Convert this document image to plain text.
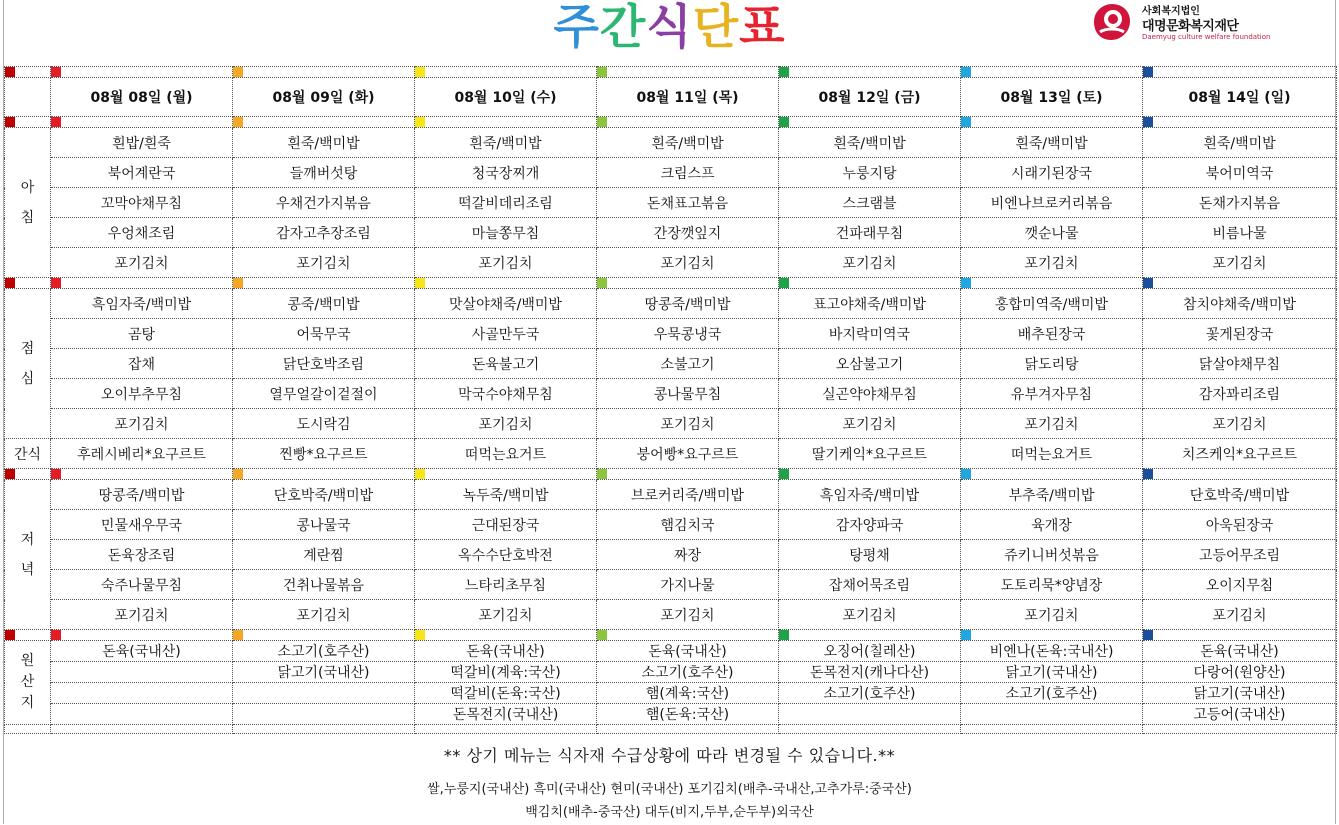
주간식단표	사회복지법인
대명문화복지재단
Daemyug culture welfare foundation

	08월 08일 (월)	08월 09일 (화)	08월 10일 (수)	08월 11일 (목)	08월 12일 (금)	08월 13일 (토)	08월 14일 (일)

아
침	흰밥/흰죽	흰죽/백미밥	흰죽/백미밥	흰죽/백미밥	흰죽/백미밥	흰죽/백미밥	흰죽/백미밥
	북어계란국	들깨버섯탕	청국장찌개	크림스프	누룽지탕	시래기된장국	북어미역국
	꼬막야채무침	우채건가지볶음	떡갈비데리조림	돈채표고볶음	스크램블	비엔나브로커리볶음	돈채가지볶음
	우엉채조림	감자고추장조림	마늘쫑무침	간장깻잎지	건파래무침	깻순나물	비름나물
	포기김치	포기김치	포기김치	포기김치	포기김치	포기김치	포기김치

점
심	흑임자죽/백미밥	콩죽/백미밥	맛살야채죽/백미밥	땅콩죽/백미밥	표고야채죽/백미밥	홍합미역죽/백미밥	참치야채죽/백미밥
	곰탕	어묵무국	사골만두국	우묵콩냉국	바지락미역국	배추된장국	꽃게된장국
	잡채	닭단호박조림	돈육불고기	소불고기	오삼불고기	닭도리탕	닭살야채무침
	오이부추무침	열무얼갈이겉절이	막국수야채무침	콩나물무침	실곤약야채무침	유부겨자무침	감자꽈리조림
	포기김치	도시락김	포기김치	포기김치	포기김치	포기김치	포기김치
간식	후레시베리*요구르트	찐빵*요구르트	떠먹는요거트	붕어빵*요구르트	딸기케익*요구르트	떠먹는요거트	치즈케익*요구르트

저
녁	땅콩죽/백미밥	단호박죽/백미밥	녹두죽/백미밥	브로커리죽/백미밥	흑임자죽/백미밥	부추죽/백미밥	단호박죽/백미밥
	민물새우무국	콩나물국	근대된장국	햄김치국	감자양파국	육개장	아욱된장국
	돈육장조림	계란찜	옥수수단호박전	짜장	탕평채	쥬키니버섯볶음	고등어무조림
	숙주나물무침	건취나물볶음	느타리초무침	가지나물	잡채어묵조림	도토리묵*양념장	오이지무침
	포기김치	포기김치	포기김치	포기김치	포기김치	포기김치	포기김치

원
산
지	돈육(국내산)	소고기(호주산)	돈육(국내산)	돈육(국내산)	오징어(칠레산)	비엔나(돈육:국내산)	돈육(국내산)
		닭고기(국내산)	떡갈비(계육:국산)	소고기(호주산)	돈목전지(캐나다산)	닭고기(국내산)	다랑어(원양산)
			떡갈비(돈육:국산)	햄(계육:국산)	소고기(호주산)	소고기(호주산)	닭고기(국내산)
			돈목전지(국내산)	햄(돈육:국산)			고등어(국내산)

** 상기 메뉴는 식자재 수급상황에 따라 변경될 수 있습니다.**
쌀,누룽지(국내산) 흑미(국내산) 현미(국내산) 포기김치(배추-국내산,고추가루:중국산)
백김치(배추-중국산) 대두(비지,두부,순두부)외국산
